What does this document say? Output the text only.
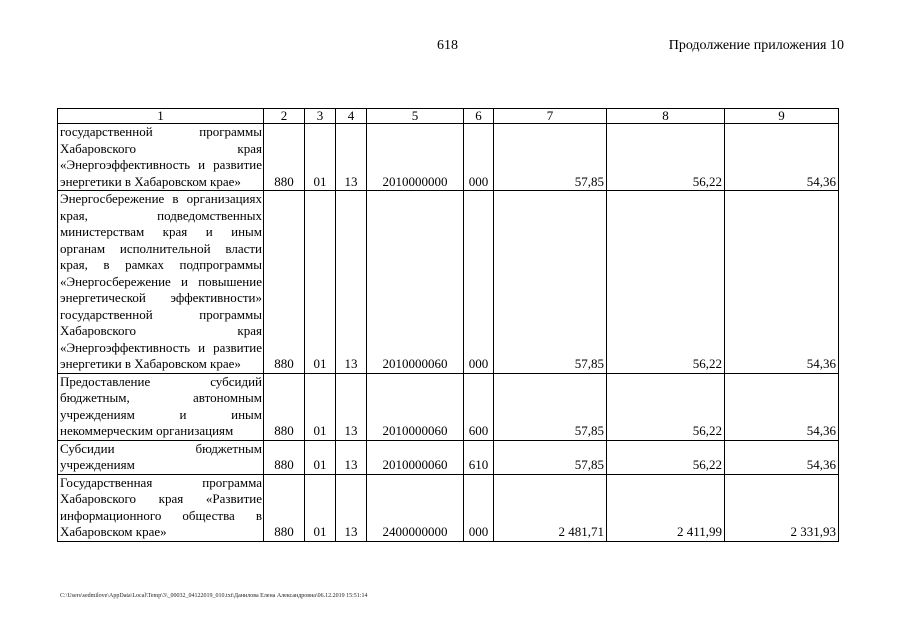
618	Продолжение приложения 10
1	2	3	4	5	6	7	8	9
государственной программы Хабаровского края «Энергоэффективность и развитие энергетики в Хабаровском крае»	880	01	13	2010000000	000	57,85	56,22	54,36
Энергосбережение в организациях края, подведомственных министерствам края и иным органам исполнительной власти края, в рамках подпрограммы «Энергосбережение и повышение энергетической эффективности» государственной программы Хабаровского края «Энергоэффективность и развитие энергетики в Хабаровском крае»	880	01	13	2010000060	000	57,85	56,22	54,36
Предоставление субсидий бюджетным, автономным учреждениям и иным некоммерческим организациям	880	01	13	2010000060	600	57,85	56,22	54,36
Субсидии бюджетным учреждениям	880	01	13	2010000060	610	57,85	56,22	54,36
Государственная программа Хабаровского края «Развитие информационного общества в Хабаровском крае»	880	01	13	2400000000	000	2 481,71	2 411,99	2 331,93
C:\Users\sedmilove\AppData\Local\Temp\3\_00032_04122019_010.txt\Данилова Елена Александровна\06.12.2019 15:51:14
